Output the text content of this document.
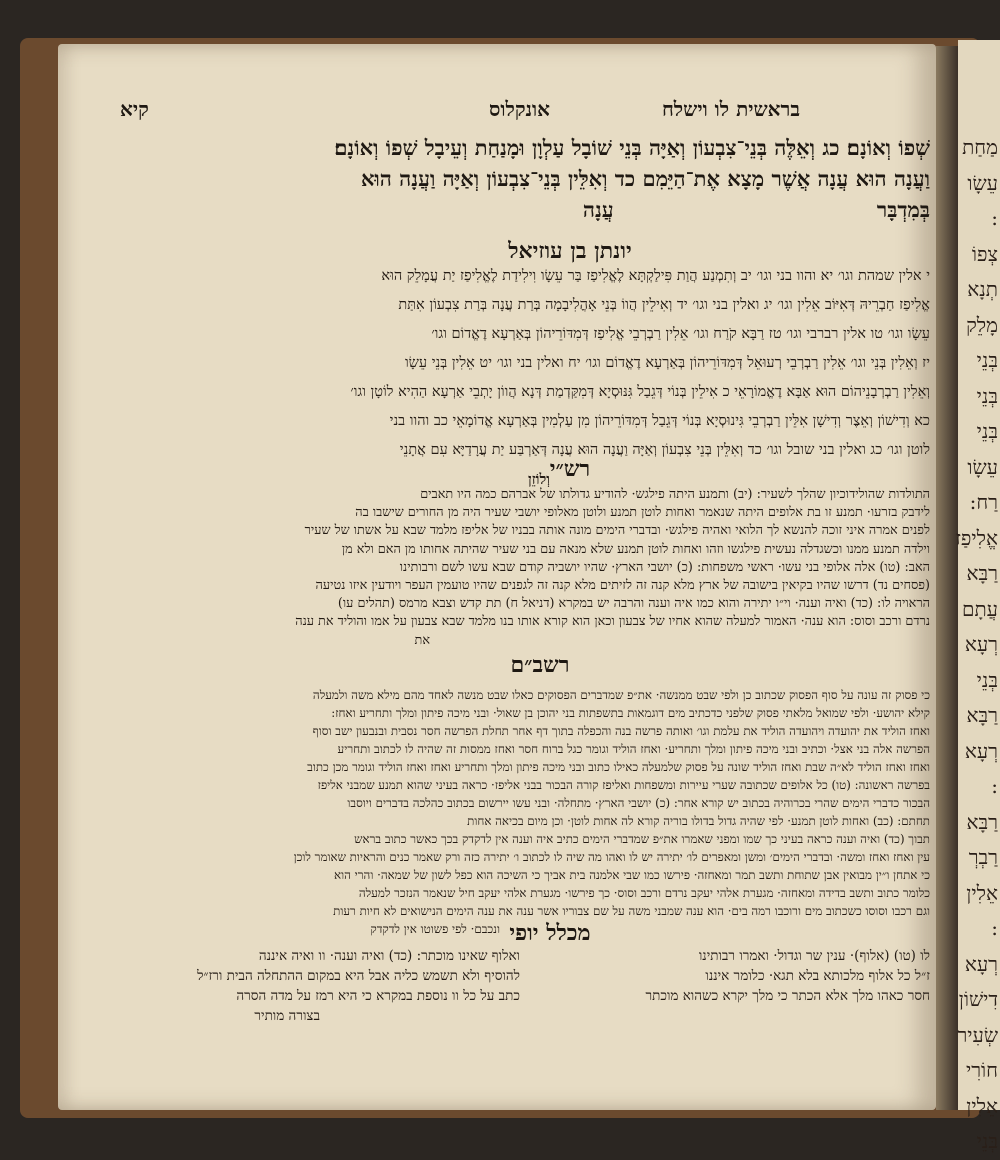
מַחַת
עֵשָׂו
:
צְפוֹ
תְנָא
מָלֵק
בְּנֵי
בְּנֵי
בְּנֵי
עֵשָׂו
רַח:
אֱלִיפַז
רַבָּא
עֲתָם
רְעָא
בְּנֵי
רַבָּא
רְעָא
:
רַבָּא
רַבְרְ
אֵלִין
:
רְעָא
דִישׁוֹן
שְׂעִיר
חוֹרִי
אֵלִין
בְּנֵי
בראשית לו וישלח
אונקלוס
קיא
שְׁפוֹ וְאוֹנָם׃ כג וְאֵלֶּה בְּנֵי־צִבְעוֹן וְאַיָּה בְּנֵי שׁוֹבָל עַלְוָן וּמָנַחַת וְעֵיבָל שְׁפוֹ וְאוֹנָם׃
וַעֲנָה הוּא עֲנָה אֲשֶׁר מָצָא אֶת־הַיֵּמִם כד וְאִלֵּין בְּנֵי־צִבְעוֹן וְאַיָּה וַעֲנָה הוּא
בְּמִדְבָּר                                    עֲנָה
יונתן בן עוזיאל
י אלין שמהת וגו׳ יא והוו בני וגו׳ יב וְתִמְנַע הֲוַת פִּילַקְתָּא לֶאֱלִיפַז בַּר עֵשָׂו וִילִידַת לֶאֱלִיפַז יַת עֲמָלֵק הוּא
אֱלִיפַז חַבְרֵיהּ דְּאִיּוֹב אֵלִין וגו׳ יג ואלין בני וגו׳ יד וְאִילֵין הֲווֹ בְּנֵי אָהֳלִיבָמָה בְּרַת עֲנָה בְּרַת צִבְעוֹן אִתַּת
עֵשָׂו וגו׳ טו אלין רברבי וגו׳ טז רַבָּא קֹרַח וגו׳ אֵלִין רַבְרְבֵי אֱלִיפַז דְּמִדּוֹרֵיהוֹן בְּאַרְעָא דֶאֱדוֹם וגו׳
יז וְאֵלִין בְּנֵי וגו׳ אֵלִין רַבְרְבֵי רְעוּאֵל דְּמִדּוֹרֵיהוֹן בְּאַרְעָא דֶאֱדוֹם וגו׳ יח ואלין בני וגו׳ יט אֵלִין בְּנֵי עֵשָׂו
וְאֵלִין רַבְרְבָנֵיהוֹם הוּא אַבָּא דֶאֱמוֹרָאֵי כ אִילֵין בְּנוֹי דְּגֵבַל גִּנּוּסְיָא דְּמִקַּדְמַת דְּנָא הֲווֹן יָתְבֵי אַרְעָא הַהִיא לוֹטָן וגו׳
כא וְדִישׁוֹן וְאֵצֶר וְדִישָׁן אִלֵּין רַבְרְבֵי גִּינוּסְיָא בְּנוֹי דְּגֵבַל דְּמִדּוֹרֵיהוֹן מִן עַלְמִין בְּאַרְעָא אֱדוֹמָאֵי כב והוו בני
לוטן וגו׳ כג ואלין בני שובל וגו׳ כד וְאִלֵּין בְּנֵי צִבְעוֹן וְאַיָּה וַעֲנָה הוּא עֲנָה דְּאַרְבַּע יַת עֲרָדַיָּא עִם אֲתָנֵי
וְלוֹזֵן רש״י
התולדות שהולידוכיון שהלך לשעיר: (יב) ותמנע היתה פילגש· להודיע גדולתו של אברהם כמה היו תאבים
לידבק בזרעו· תמנע זו בת אלופים היתה שנאמר ואחות לוטן תמנע ולוטן מאלופי יושבי שעיר היה מן החורים שישבו בה
לפנים אמרה איני זוכה להנשא לך הלואי ואהיה פילגש· ובדברי הימים מונה אותה בבניו של אליפז מלמד שבא על אשתו של שעיר
וילדה תמנע ממנו וכשגדלה נעשית פילגשו וזהו ואחות לוטן תמנע שלא מנאה עם בני שעיר שהיתה אחותו מן האם ולא מן
האב: (טו) אלה אלופי בני עשו· ראשי משפחות: (כ) יושבי הארץ· שהיו יושביה קודם שבא עשו לשם ורבותינו
(פסחים נד) דרשו שהיו בקיאין בישובה של ארץ מלא קנה זה לזיתים מלא קנה זה לגפנים שהיו טועמין העפר ויודעין איזו נטיעה
הראויה לו: (כד) ואיה וענה· וי״ו יתירה והוא כמו איה וענה והרבה יש במקרא (דניאל ח) תת קדש וצבא מרמס (תהלים עו)
נרדם ורכב וסוס: הוא ענה· האמור למעלה שהוא אחיו של צבעון וכאן הוא קורא אותו בנו מלמד שבא צבעון על אמו והוליד את ענה
את
רשב״ם
כי פסוק זה עונה על סוף הפסוק שכתוב כן ולפי שבט ממנשה· את״פ שמדברים הפסוקים כאלו שבט מנשה לאחד מהם מילא משה ולמעלה
קילא יהושע· ולפי שמואל מלאתי פסוק שלפני כדכתיב מים דוגמאות בתשפתות בני יהוכן בן שאול· ובני מיכה פיתון ומלך ותחריע ואחז:
ואחז הוליד את יהועדה ויהועדה הוליד את עלמת וגו׳ ואותה פרשה בנה והכפלה בתוך דף אחר תחלת הפרשה חסר נסבית ובנבעון ישב וסוף
הפרשה אלה בני אצל· וכתיב ובני מיכה פיתון ומלך ותחריע· ואחז הוליד וגומר כגל ברוח חסר ואחז ממסות זה שהיה לו לכתוב ותחריע
ואחז ואחז הוליד לא״ה שבת ואחז הוליד שונה על פסוק שלמעלה כאילו כתוב ובני מיכה פיתון ומלך ותחריע ואחז ואחז הוליד וגומר מכן כתוב
בפרשה ראשונה: (טו) כל אלופים שכתובה שערי עיירות ומשפחות ואליפז קורה הבכור בבני אליפז· כראה בעיני שהוא תמנע שמבני אליפז
הבכור כדברי הימים שהרי בכרוהיה בכתוב יש קורא אחר: (כ) יושבי הארץ· מתחלה· ובני עשו יירשום בכתוב כהלכה בדברים ויוסבו
תחתם: (כב) ואחות לוטן תמנע· לפי שהיה גדול בדולו בוריה קורא לה אחות לוטן· וכן מיום בכיאה אחות
תבוך (כד) ואיה וענה כראה בעיני כך שמו ומפני שאמרו את״פ שמדברי הימים כתיב איה וענה אין לדקדק בכך כאשר כתוב בראש
עין ואחז ואחז ומשה· ובדברי הימים׳ ומשן ומאפרים לו׳ יתירה יש לו ואהו מה שיה לו לכתוב ו׳ יתירה כזה ורק שאמר כנים והראיות שאומר לוכן
כי אתחן ו״ין מבואין אבן שתוחת ותשב תמר ומאחזה· פירשו כמו שבי אלמנה בית אביך כי השיכה הוא כפל לשון של שמאה· והרי הוא
כלומר כתוב ותשב בדידה ומאחזה· מגערת אלהי יעקב נרדם ורכב וסוס· כך פירשו· מגערת אלהי יעקב חיל שנאמר הנזכר למעלה
וגם רכבו וסוסו כשכתוב מים ורוכבו רמה בים· הוא ענה שמבני משה על שם צבוריו אשר ענה את ענה הימים הנישואים לא חיות רעות
ונכבם· לפי פשוטו אין לדקדק מכלל יופי
לו (טו) (אלוף)· ענין שר וגדול· ואמרו רבותינו
ז״ל כל אלוף מלכותא בלא תגא· כלומר איננו
חסר כאהו מלך אלא הכתר כי מלך יקרא כשהוא מוכתר
ואלוף שאינו מוכתר: (כד) ואיה וענה· וו ואיה איננה
להוסיף ולא תשמש כליה אבל היא במקום ההתחלה הבית ורז״ל
כתב על כל וו נוספת במקרא כי היא רמז על מדה הסרה
בצורה מותיר
